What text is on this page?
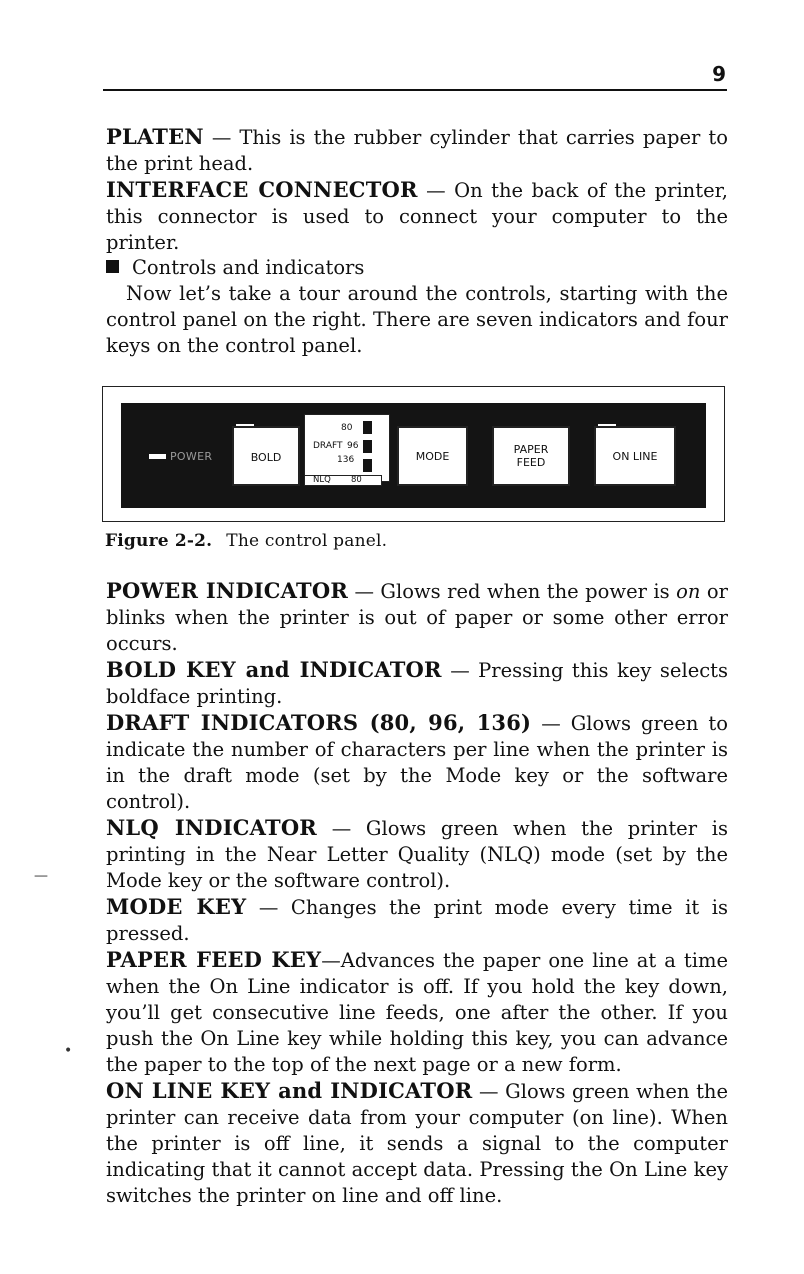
9
PLATEN — This is the rubber cylinder that carries paper to the print head.
INTERFACE CONNECTOR — On the back of the printer, this connector is used to connect your computer to the printer.
Controls and indicators
Now let’s take a tour around the controls, starting with the control panel on the right. There are seven indicators and four keys on the control panel.
POWER	BOLD
80
DRAFT 96
136
NLQ 80
MODE	PAPER
FEED	ON LINE
Figure 2-2. The control panel.
POWER INDICATOR — Glows red when the power is on or blinks when the printer is out of paper or some other error occurs.
BOLD KEY and INDICATOR — Pressing this key selects boldface printing.
DRAFT INDICATORS (80, 96, 136) — Glows green to indicate the number of characters per line when the printer is in the draft mode (set by the Mode key or the software control).
NLQ INDICATOR — Glows green when the printer is printing in the Near Letter Quality (NLQ) mode (set by the Mode key or the software control).
MODE KEY — Changes the print mode every time it is pressed.
PAPER FEED KEY—Advances the paper one line at a time when the On Line indicator is off. If you hold the key down, you’ll get consecutive line feeds, one after the other. If you push the On Line key while holding this key, you can advance the paper to the top of the next page or a new form.
ON LINE KEY and INDICATOR — Glows green when the printer can receive data from your computer (on line). When the printer is off line, it sends a signal to the computer indicating that it cannot accept data. Pressing the On Line key switches the printer on line and off line.
—
•
